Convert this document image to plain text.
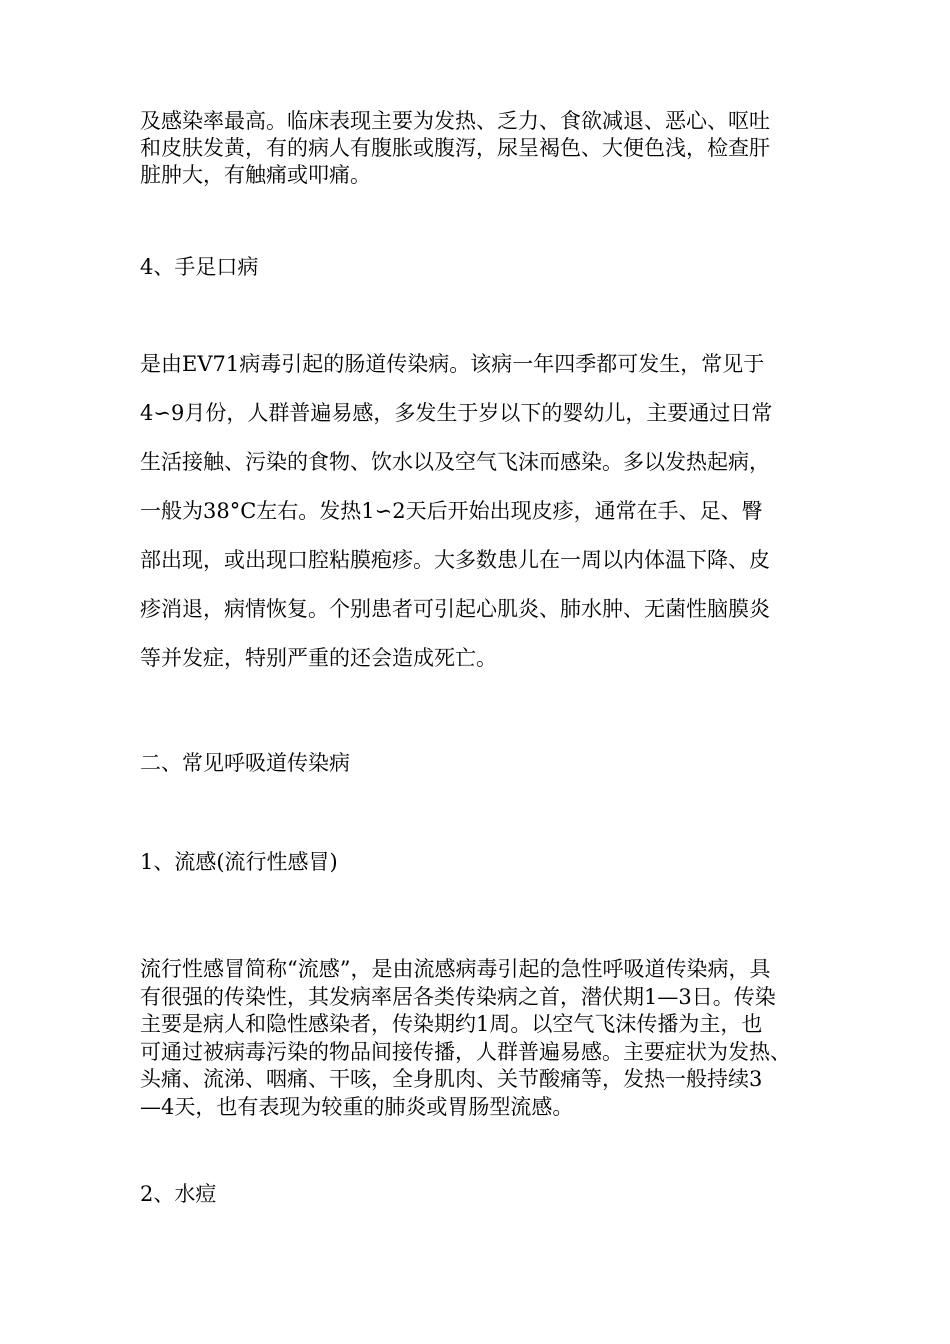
及感染率最高。临床表现主要为发热、乏力、食欲减退、恶心、呕吐
和皮肤发黄，有的病人有腹胀或腹泻，尿呈褐色、大便色浅，检查肝
脏肿大，有触痛或叩痛。

4、手足口病

是由EV71病毒引起的肠道传染病。该病一年四季都可发生，常见于
4∽9月份，人群普遍易感，多发生于岁以下的婴幼儿，主要通过日常
生活接触、污染的食物、饮水以及空气飞沫而感染。多以发热起病，
一般为38°C左右。发热1∽2天后开始出现皮疹，通常在手、足、臀
部出现，或出现口腔粘膜疱疹。大多数患儿在一周以内体温下降、皮
疹消退，病情恢复。个别患者可引起心肌炎、肺水肿、无菌性脑膜炎
等并发症，特别严重的还会造成死亡。

二、常见呼吸道传染病
1、流感(流行性感冒)

流行性感冒简称“流感”，是由流感病毒引起的急性呼吸道传染病，具
有很强的传染性，其发病率居各类传染病之首，潜伏期1—3日。传染
主要是病人和隐性感染者，传染期约1周。以空气飞沫传播为主，也
可通过被病毒污染的物品间接传播，人群普遍易感。主要症状为发热、
头痛、流涕、咽痛、干咳，全身肌肉、关节酸痛等，发热一般持续3
—4天，也有表现为较重的肺炎或胃肠型流感。

2、水痘
